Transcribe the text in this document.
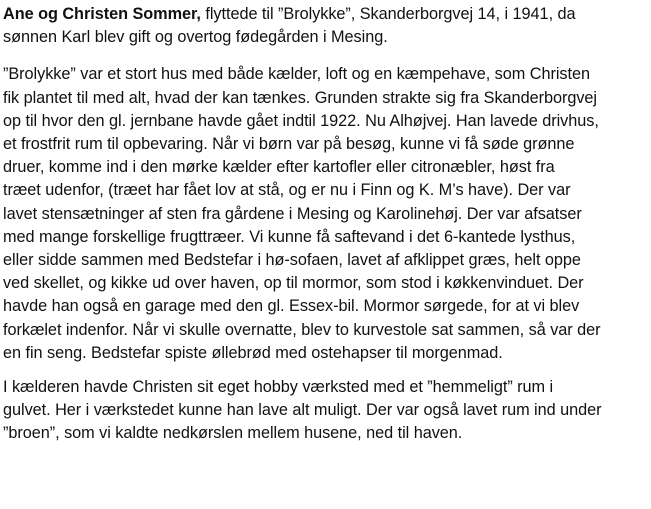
Ane og Christen Sommer, flyttede til ”Brolykke”, Skanderborgvej 14, i 1941, da
sønnen Karl blev gift og overtog fødegården i Mesing.

”Brolykke” var et stort hus med både kælder, loft og en kæmpehave, som Christen
fik plantet til med alt, hvad der kan tænkes. Grunden strakte sig fra Skanderborgvej
op til hvor den gl. jernbane havde gået indtil 1922. Nu Alhøjvej. Han lavede drivhus,
et frostfrit rum til opbevaring. Når vi børn var på besøg, kunne vi få søde grønne
druer, komme ind i den mørke kælder efter kartofler eller citronæbler, høst fra
træet udenfor, (træet har fået lov at stå, og er nu i Finn og K. M’s have). Der var
lavet stensætninger af sten fra gårdene i Mesing og Karolinehøj. Der var afsatser
med mange forskellige frugttræer. Vi kunne få saftevand i det 6-kantede lysthus,
eller sidde sammen med Bedstefar i hø-sofaen, lavet af afklippet græs, helt oppe
ved skellet, og kikke ud over haven, op til mormor, som stod i køkkenvinduet. Der
havde han også en garage med den gl. Essex-bil. Mormor sørgede, for at vi blev
forkælet indenfor. Når vi skulle overnatte, blev to kurvestole sat sammen, så var der
en fin seng. Bedstefar spiste øllebrød med ostehapser til morgenmad.

I kælderen havde Christen sit eget hobby værksted med et ”hemmeligt” rum i
gulvet. Her i værkstedet kunne han lave alt muligt. Der var også lavet rum ind under
”broen”, som vi kaldte nedkørslen mellem husene, ned til haven.
